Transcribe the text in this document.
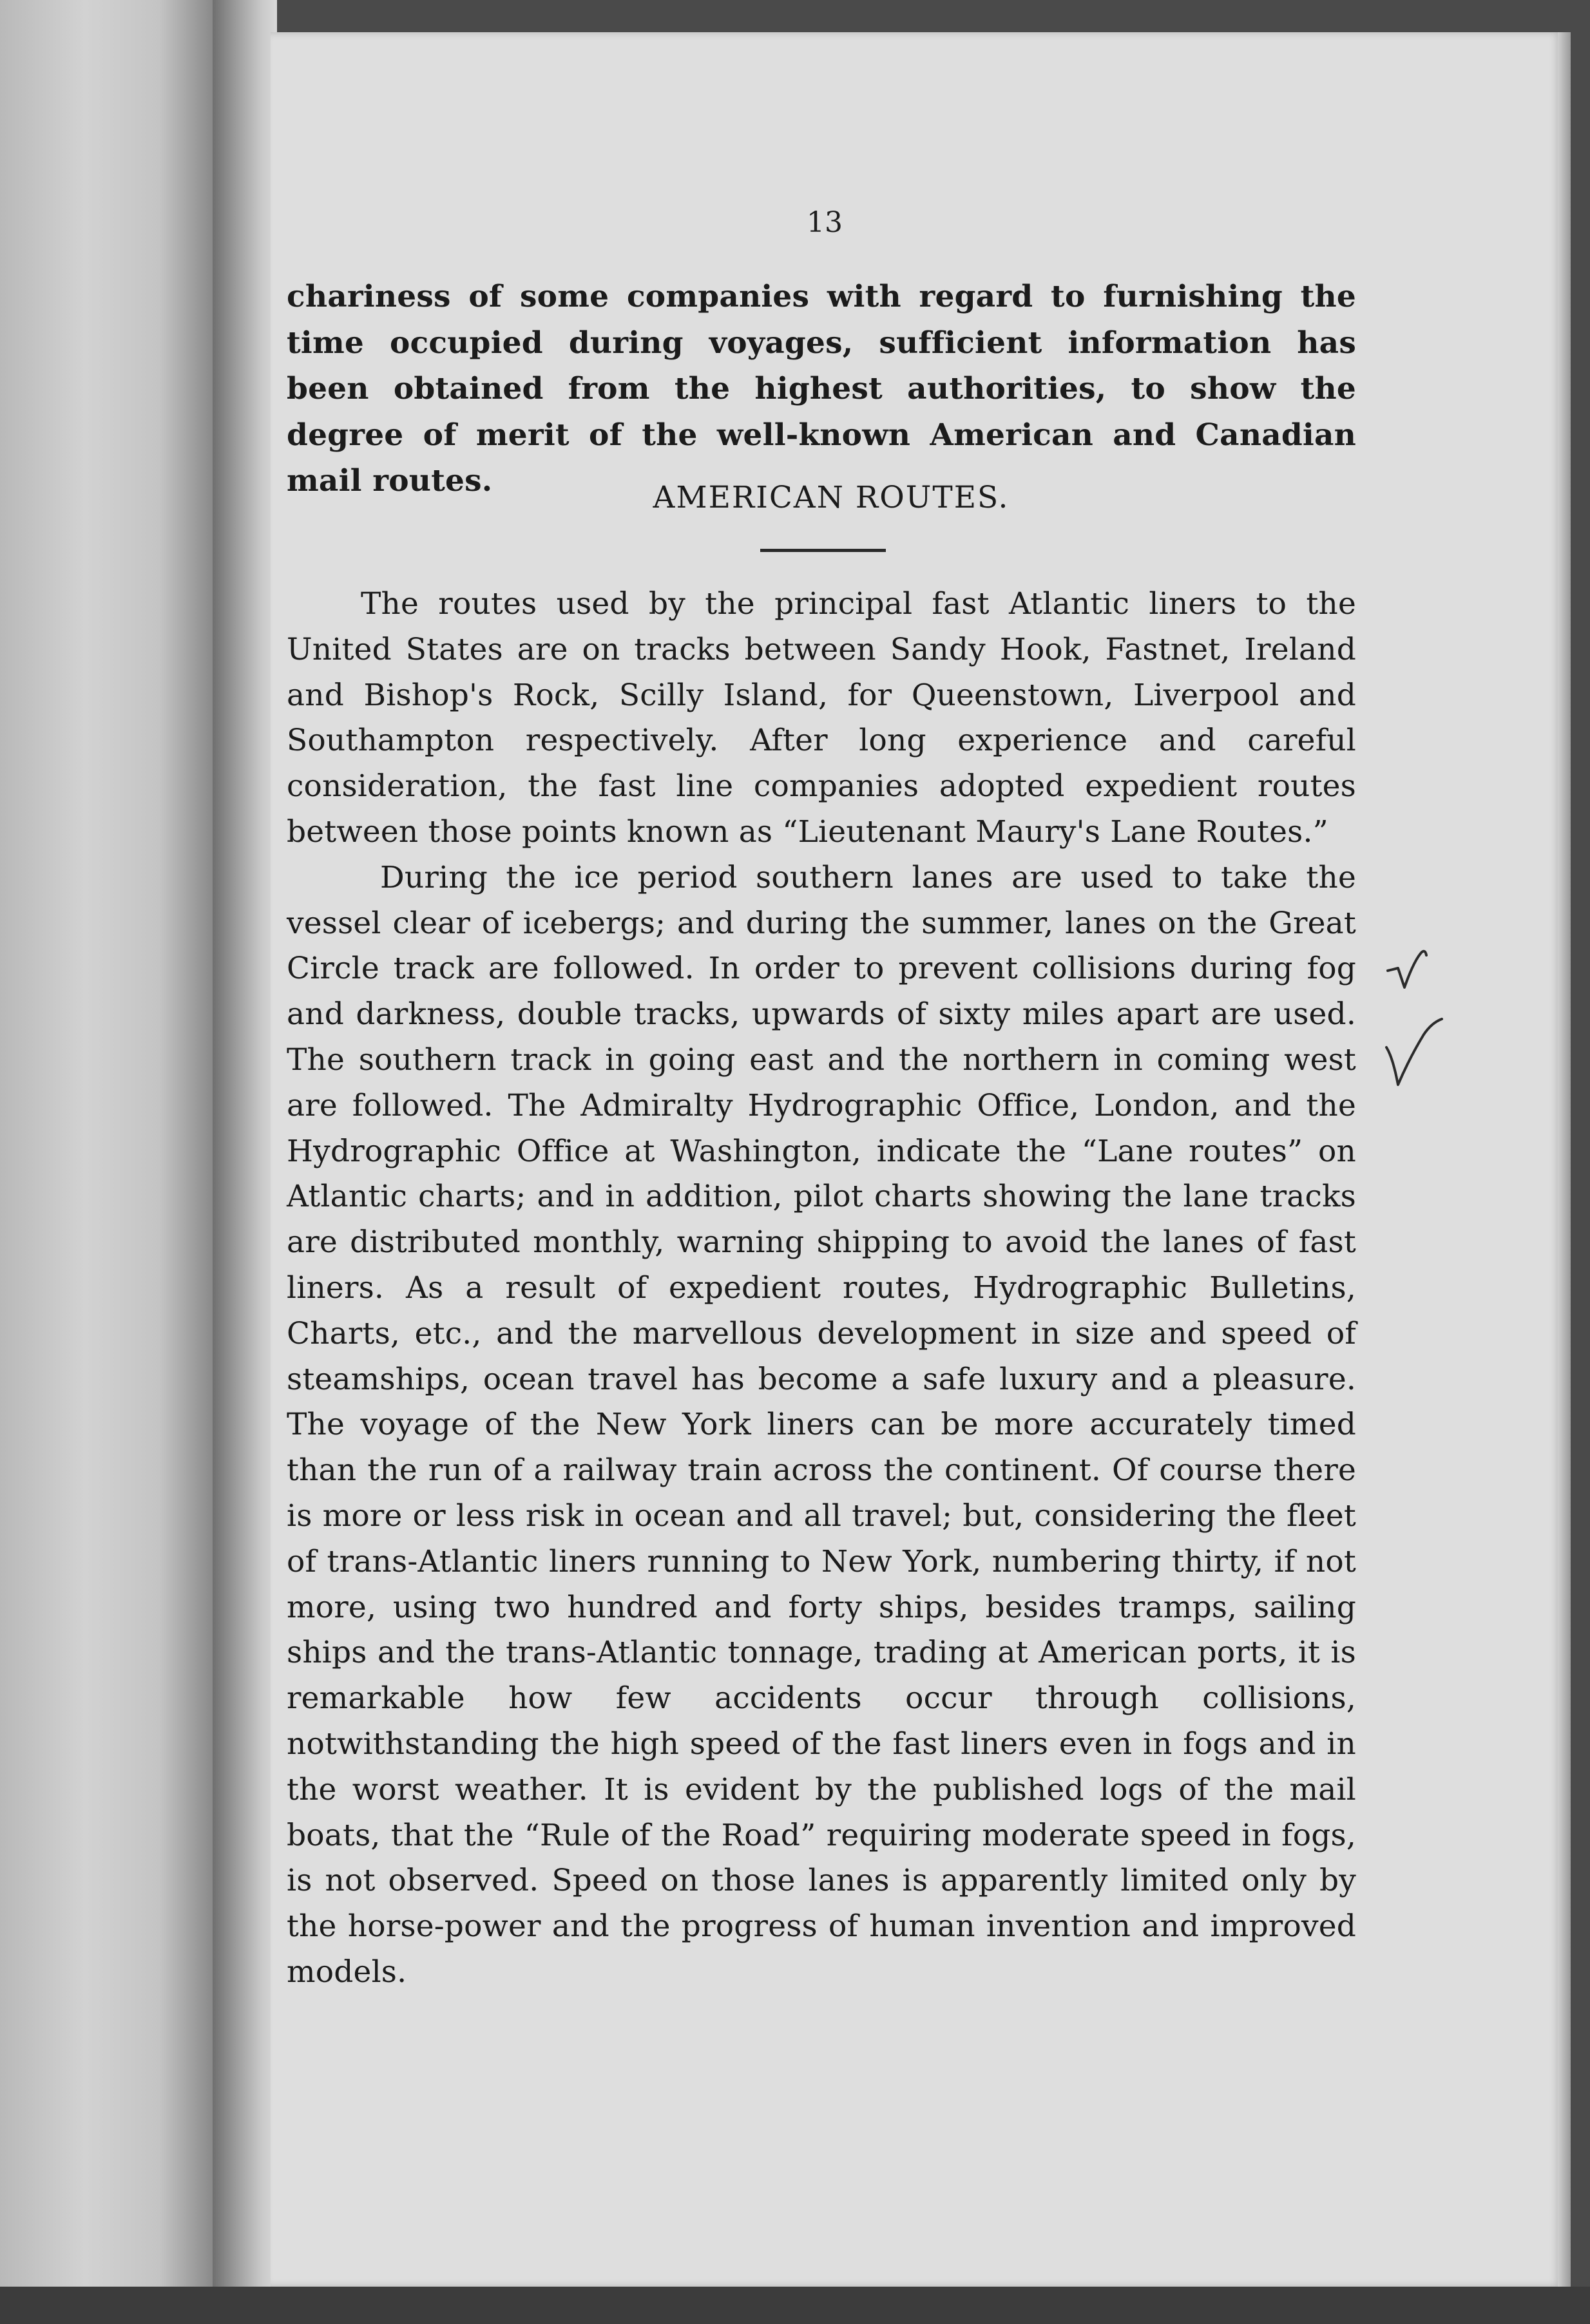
13
chariness of some companies with regard to furnishing the time occupied during voyages, sufficient information has been obtained from the highest authorities, to show the degree of merit of the well-known American and Canadian mail routes.	AMERICAN ROUTES.

The routes used by the principal fast Atlantic liners to the United States are on tracks between Sandy Hook, Fastnet, Ireland and Bishop's Rock, Scilly Island, for Queenstown, Liverpool and Southampton respectively. After long experience and careful consideration, the fast line companies adopted expedient routes between those points known as “Lieutenant Maury's Lane Routes.”

During the ice period southern lanes are used to take the vessel clear of icebergs; and during the summer, lanes on the Great Circle track are followed. In order to prevent collisions during fog and darkness, double tracks, upwards of sixty miles apart are used. The southern track in going east and the northern in coming west are followed. The Admiralty Hydrographic Office, London, and the Hydrographic Office at Washington, indicate the “Lane routes” on Atlantic charts; and in addition, pilot charts showing the lane tracks are distributed monthly, warning shipping to avoid the lanes of fast liners. As a result of expedient routes, Hydrographic Bulletins, Charts, etc., and the marvellous development in size and speed of steamships, ocean travel has become a safe luxury and a pleasure. The voyage of the New York liners can be more accurately timed than the run of a railway train across the continent. Of course there is more or less risk in ocean and all travel; but, considering the fleet of trans-Atlantic liners running to New York, numbering thirty, if not more, using two hundred and forty ships, besides tramps, sailing ships and the trans-Atlantic tonnage, trading at American ports, it is remarkable how few accidents occur through collisions, notwithstanding the high speed of the fast liners even in fogs and in the worst weather. It is evident by the published logs of the mail boats, that the “Rule of the Road” requiring moderate speed in fogs, is not observed. Speed on those lanes is apparently limited only by the horse-power and the progress of human invention and improved models.
